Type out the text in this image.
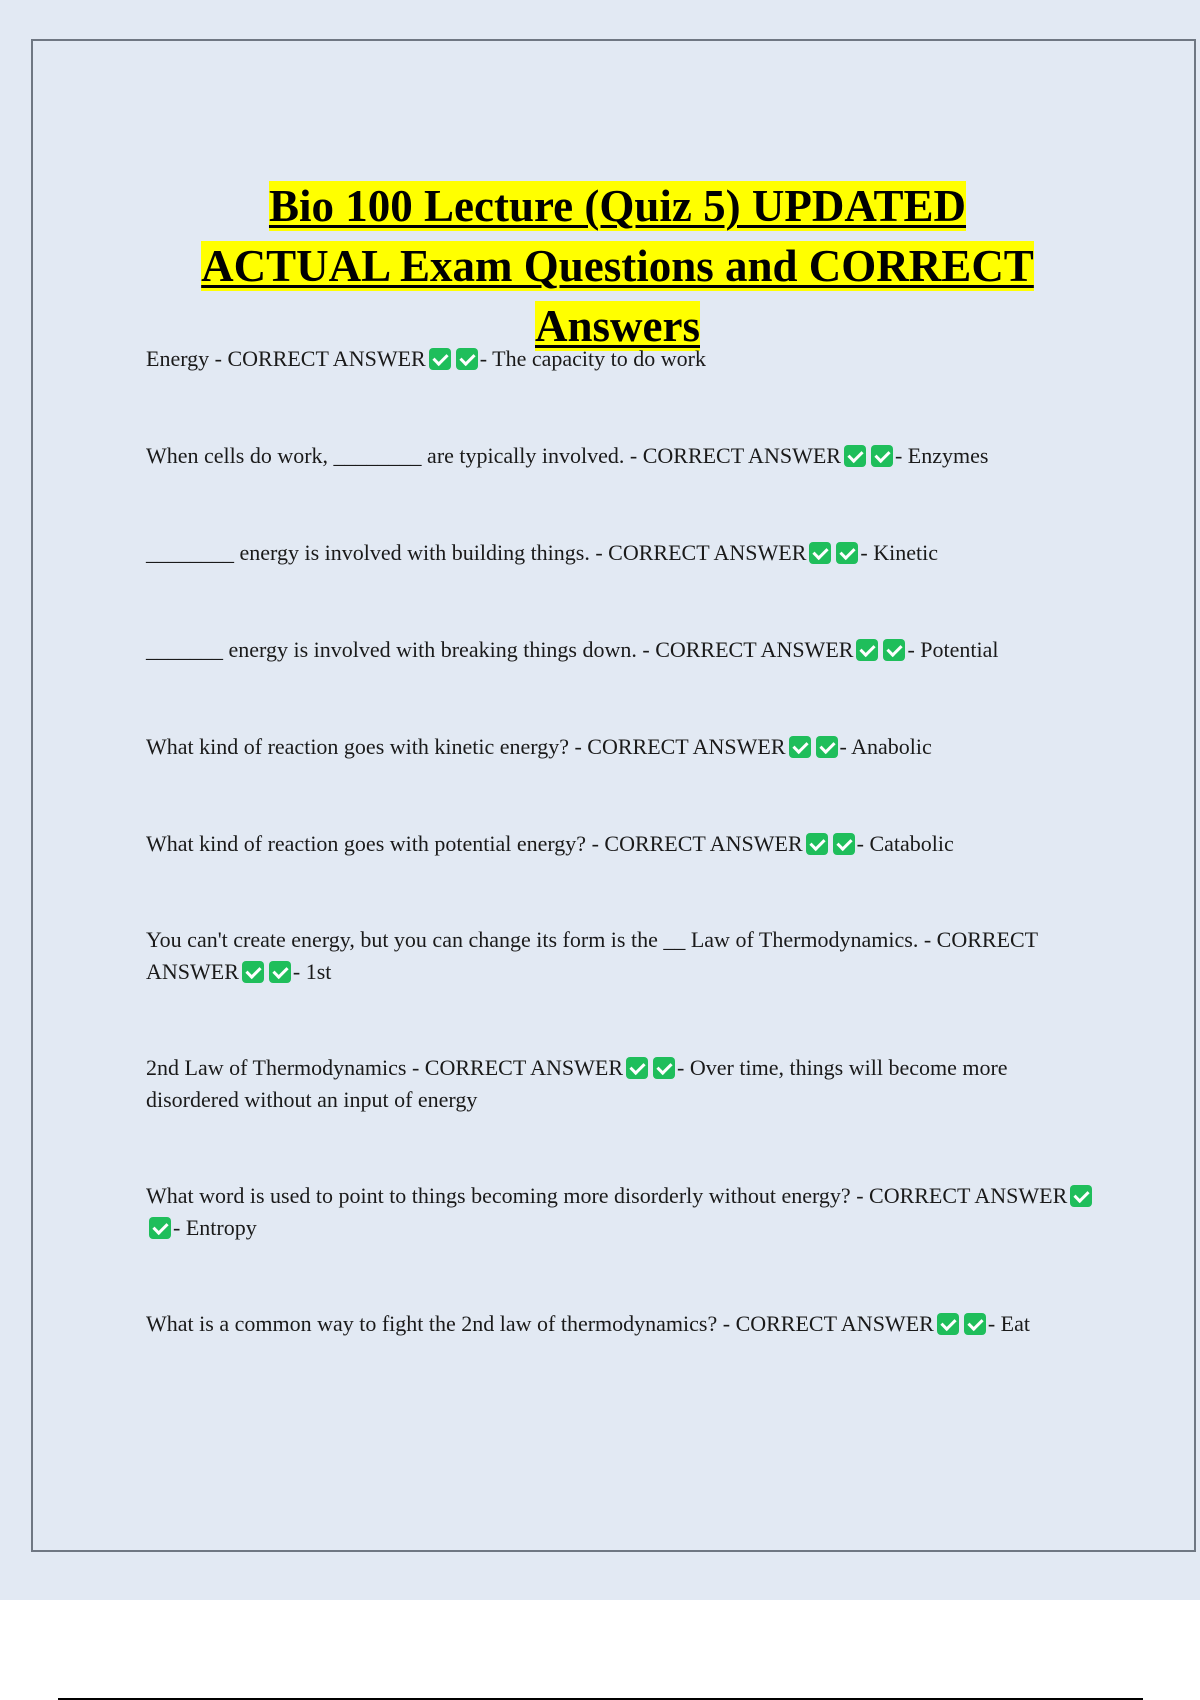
Bio 100 Lecture (Quiz 5) UPDATED
ACTUAL Exam Questions and CORRECT
Answers

Energy - CORRECT ANSWER - The capacity to do work

When cells do work, ________ are typically involved. - CORRECT ANSWER - Enzymes

________ energy is involved with building things. - CORRECT ANSWER - Kinetic

_______ energy is involved with breaking things down. - CORRECT ANSWER - Potential

What kind of reaction goes with kinetic energy? - CORRECT ANSWER - Anabolic

What kind of reaction goes with potential energy? - CORRECT ANSWER - Catabolic

You can't create energy, but you can change its form is the __ Law of Thermodynamics. - CORRECT ANSWER - 1st

2nd Law of Thermodynamics - CORRECT ANSWER - Over time, things will become more disordered without an input of energy

What word is used to point to things becoming more disorderly without energy? - CORRECT ANSWER- Entropy

What is a common way to fight the 2nd law of thermodynamics? - CORRECT ANSWER - Eat
